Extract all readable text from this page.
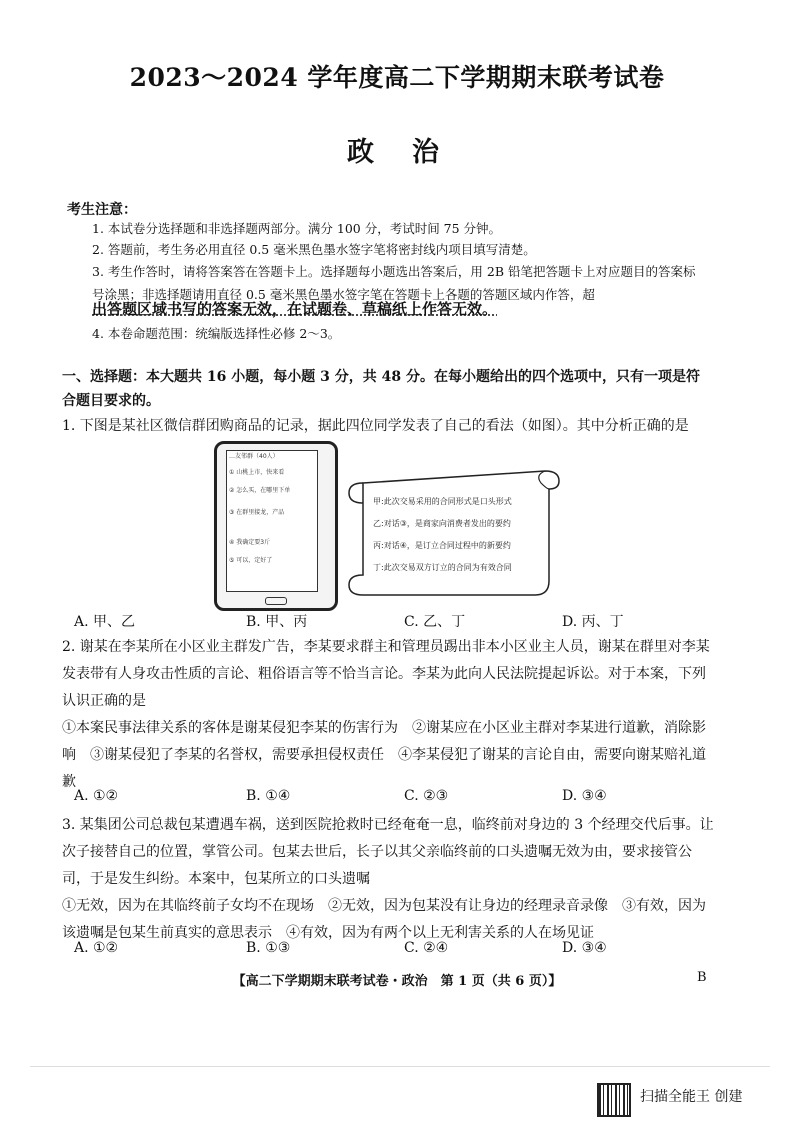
2023～2024 学年度高二下学期期末联考试卷
政治
考生注意：
1. 本试卷分选择题和非选择题两部分。满分 100 分，考试时间 75 分钟。
2. 答题前，考生务必用直径 0.5 毫米黑色墨水签字笔将密封线内项目填写清楚。
3. 考生作答时，请将答案答在答题卡上。选择题每小题选出答案后，用 2B 铅笔把答题卡上对应题目的答案标号涂黑；非选择题请用直径 0.5 毫米黑色墨水签字笔在答题卡上各题的答题区域内作答，超
出答题区域书写的答案无效，在试题卷、草稿纸上作答无效。
4. 本卷命题范围：统编版选择性必修 2～3。
一、选择题：本大题共 16 小题，每小题 3 分，共 48 分。在每小题给出的四个选项中，只有一项是符合题目要求的。
1. 下图是某社区微信群团购商品的记录，据此四位同学发表了自己的看法（如图）。其中分析正确的是
…友邻群（40人）
① 山桃上市，快来看
② 怎么买，在哪里下单
③ 在群里接龙，产品
④ 我确定要3斤
⑤ 可以，定好了
甲:此次交易采用的合同形式是口头形式
乙:对话③，是商家向消费者发出的要约
丙:对话④，是订立合同过程中的新要约
丁:此次交易双方订立的合同为有效合同
A. 甲、乙	B. 甲、丙	C. 乙、丁	D. 丙、丁
2. 谢某在李某所在小区业主群发广告，李某要求群主和管理员踢出非本小区业主人员，谢某在群里对李某发表带有人身攻击性质的言论、粗俗语言等不恰当言论。李某为此向人民法院提起诉讼。对于本案，下列认识正确的是
①本案民事法律关系的客体是谢某侵犯李某的伤害行为　②谢某应在小区业主群对李某进行道歉，消除影响　③谢某侵犯了李某的名誉权，需要承担侵权责任　④李某侵犯了谢某的言论自由，需要向谢某赔礼道歉
A. ①②	B. ①④	C. ②③	D. ③④
3. 某集团公司总裁包某遭遇车祸，送到医院抢救时已经奄奄一息，临终前对身边的 3 个经理交代后事。让次子接替自己的位置，掌管公司。包某去世后，长子以其父亲临终前的口头遗嘱无效为由，要求接管公司，于是发生纠纷。本案中，包某所立的口头遗嘱
①无效，因为在其临终前子女均不在现场　②无效，因为包某没有让身边的经理录音录像　③有效，因为该遗嘱是包某生前真实的意思表示　④有效，因为有两个以上无利害关系的人在场见证
A. ①②	B. ①③	C. ②④	D. ③④
【高二下学期期末联考试卷・政治　第 1 页（共 6 页）】	B
扫描全能王 创建
